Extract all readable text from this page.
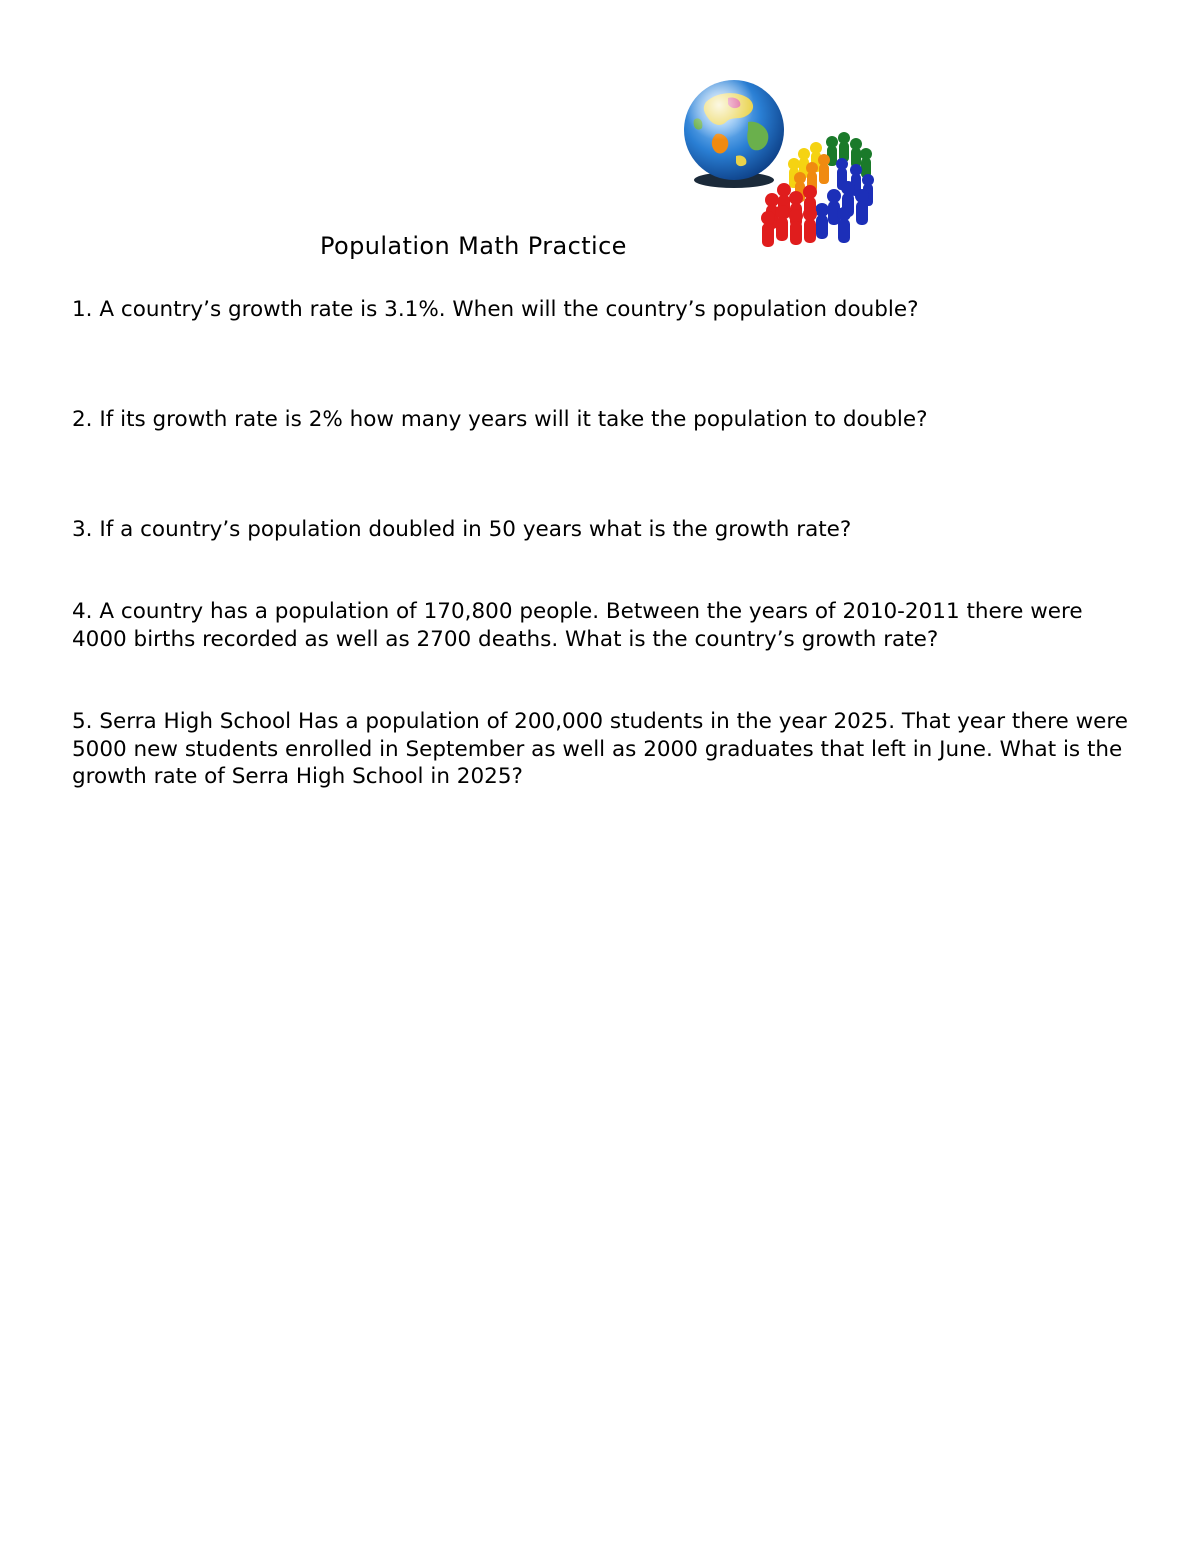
Population Math Practice
1. A country’s growth rate is 3.1%. When will the country’s population double?
2. If its growth rate is 2% how many years will it take the population to double?
3. If a country’s population doubled in 50 years what is the growth rate?
4. A country has a population of 170,800 people. Between the years of 2010-2011 there were 4000 births recorded as well as 2700 deaths. What is the country’s growth rate?
5. Serra High School Has a population of 200,000 students in the year 2025. That year there were 5000 new students enrolled in September as well as 2000 graduates that left in June. What is the growth rate of Serra High School in 2025?
